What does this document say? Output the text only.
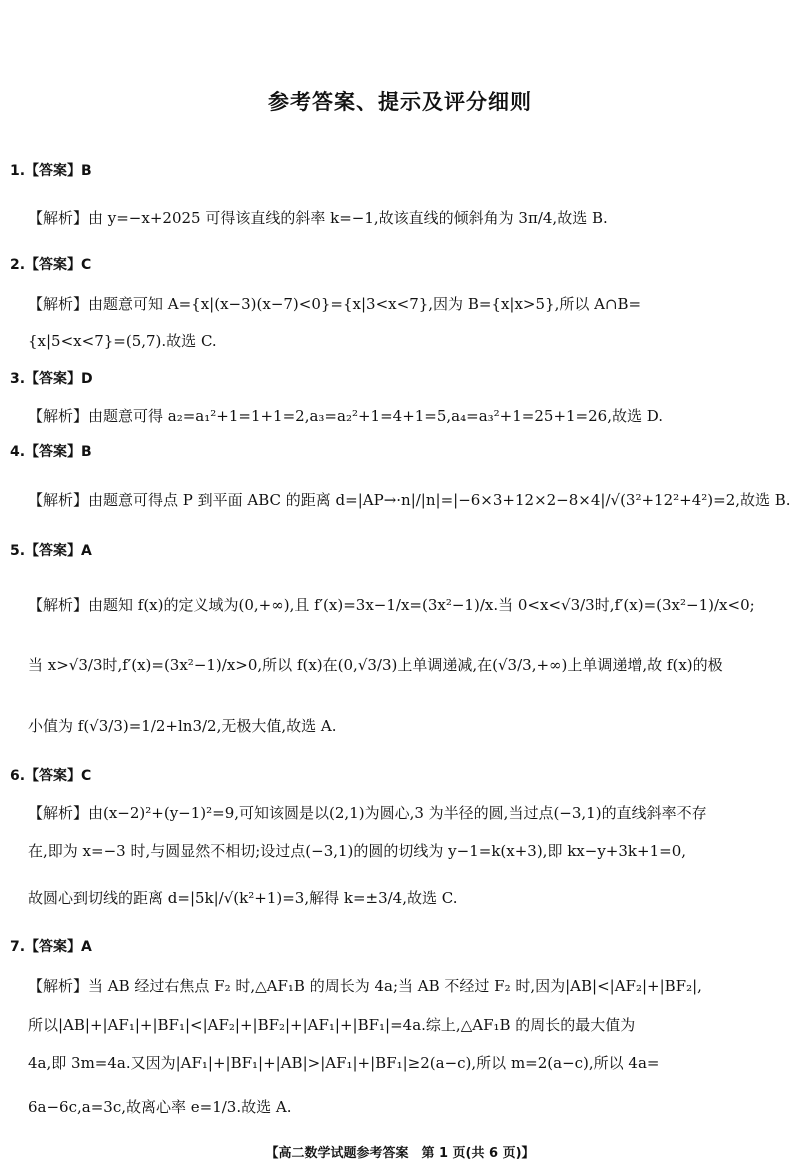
参考答案、提示及评分细则
1.【答案】B
【解析】由 y=−x+2025 可得该直线的斜率 k=−1,故该直线的倾斜角为 3π/4,故选 B.
2.【答案】C
【解析】由题意可知 A={x|(x−3)(x−7)<0}={x|3<x<7},因为 B={x|x>5},所以 A∩B=
{x|5<x<7}=(5,7).故选 C.
3.【答案】D
【解析】由题意可得 a₂=a₁²+1=1+1=2,a₃=a₂²+1=4+1=5,a₄=a₃²+1=25+1=26,故选 D.
4.【答案】B
【解析】由题意可得点 P 到平面 ABC 的距离 d=|AP→·n|/|n|=|−6×3+12×2−8×4|/√(3²+12²+4²)=2,故选 B.
5.【答案】A
【解析】由题知 f(x)的定义域为(0,+∞),且 f′(x)=3x−1/x=(3x²−1)/x.当 0<x<√3/3时,f′(x)=(3x²−1)/x<0;
当 x>√3/3时,f′(x)=(3x²−1)/x>0,所以 f(x)在(0,√3/3)上单调递减,在(√3/3,+∞)上单调递增,故 f(x)的极
小值为 f(√3/3)=1/2+ln3/2,无极大值,故选 A.
6.【答案】C
【解析】由(x−2)²+(y−1)²=9,可知该圆是以(2,1)为圆心,3 为半径的圆,当过点(−3,1)的直线斜率不存
在,即为 x=−3 时,与圆显然不相切;设过点(−3,1)的圆的切线为 y−1=k(x+3),即 kx−y+3k+1=0,
故圆心到切线的距离 d=|5k|/√(k²+1)=3,解得 k=±3/4,故选 C.
7.【答案】A
【解析】当 AB 经过右焦点 F₂ 时,△AF₁B 的周长为 4a;当 AB 不经过 F₂ 时,因为|AB|<|AF₂|+|BF₂|,
所以|AB|+|AF₁|+|BF₁|<|AF₂|+|BF₂|+|AF₁|+|BF₁|=4a.综上,△AF₁B 的周长的最大值为
4a,即 3m=4a.又因为|AF₁|+|BF₁|+|AB|>|AF₁|+|BF₁|≥2(a−c),所以 m=2(a−c),所以 4a=
6a−6c,a=3c,故离心率 e=1/3.故选 A.
【高二数学试题参考答案　第 1 页(共 6 页)】
